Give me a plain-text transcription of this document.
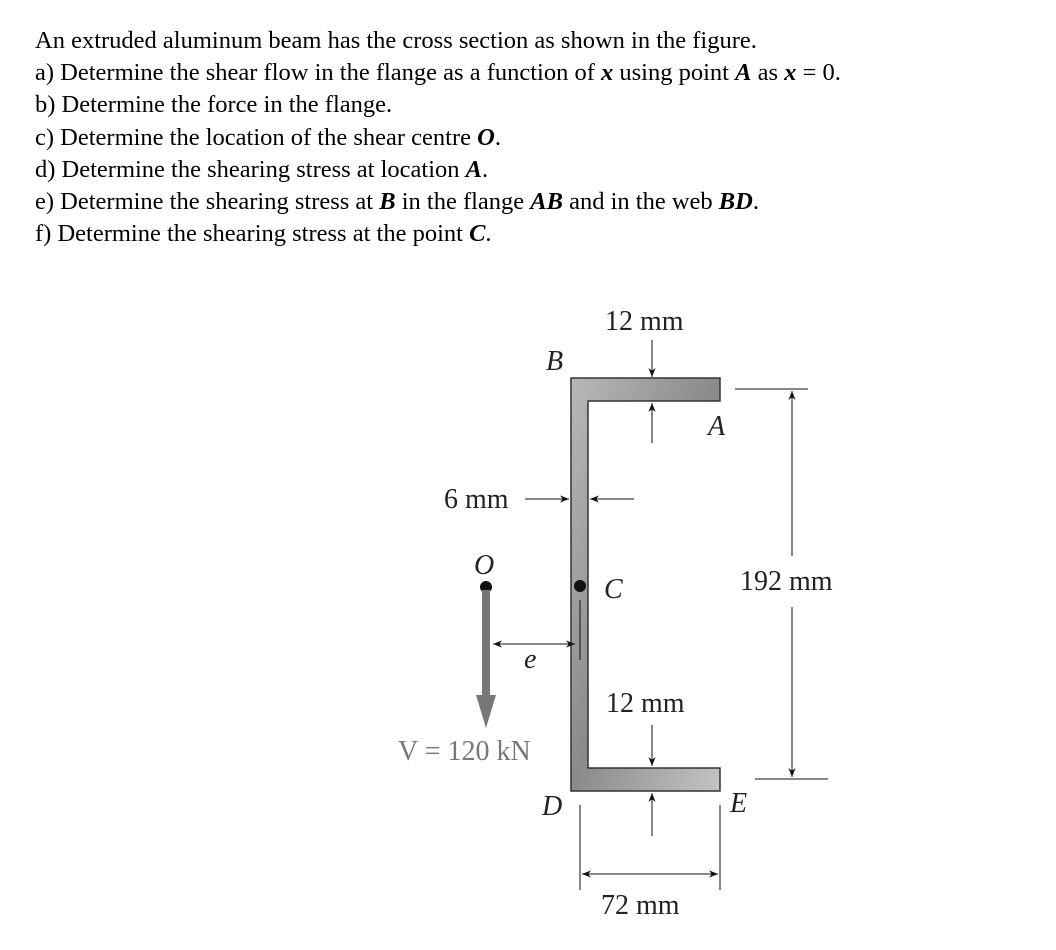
An extruded aluminum beam has the cross section as shown in the figure.
a) Determine the shear flow in the flange as a function of x using point A as x = 0.
b) Determine the force in the flange.
c) Determine the location of the shear centre O.
d) Determine the shearing stress at location A.
e) Determine the shearing stress at B in the flange AB and in the web BD.
f) Determine the shearing stress at the point C.
12 mm
B
A
6 mm
192 mm
O
V = 120 kN
C
e
12 mm
D	E
72 mm
